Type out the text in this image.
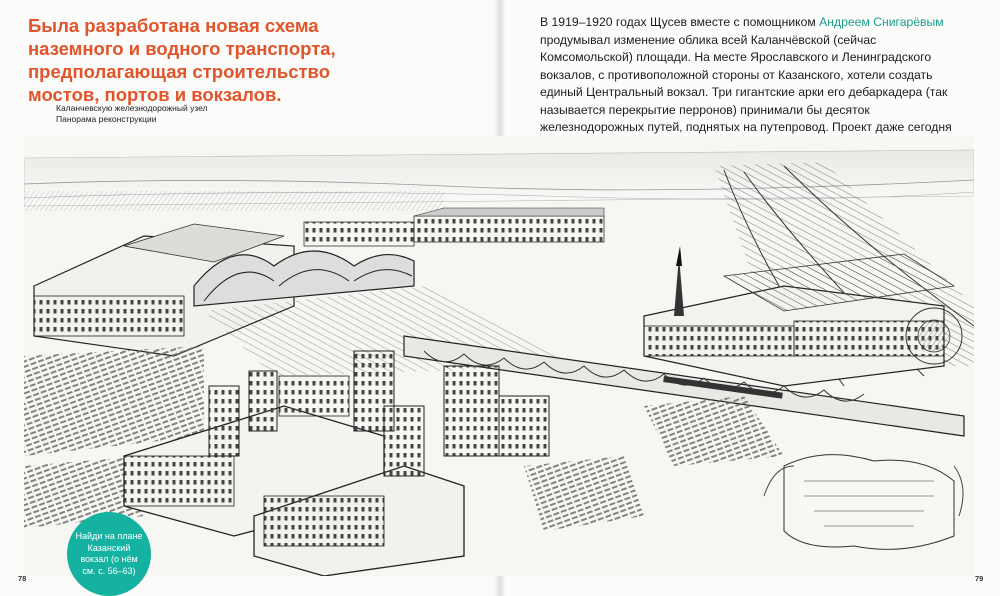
Была разработана новая схема наземного и водного транспорта, предполагающая строительство мостов, портов и вокзалов.
Каланчевскую железнодорожный узел
Панорама реконструкции

В 1919–1920 годах Щусев вместе с помощником Андреем Снигарёвым продумывал изменение облика всей Каланчёвской (сейчас Комсомольской) площади. На месте Ярославского и Ленинградского вокзалов, с противоположной стороны от Казанского, хотели создать единый Центральный вокзал. Три гигантские арки его дебаркадера (так называется перекрытие перронов) принимали бы десяток железнодорожных путей, поднятых на путепровод. Проект даже сегодня

Найди на плане Казанский вокзал (о нём см. с. 56–63)
78	79
